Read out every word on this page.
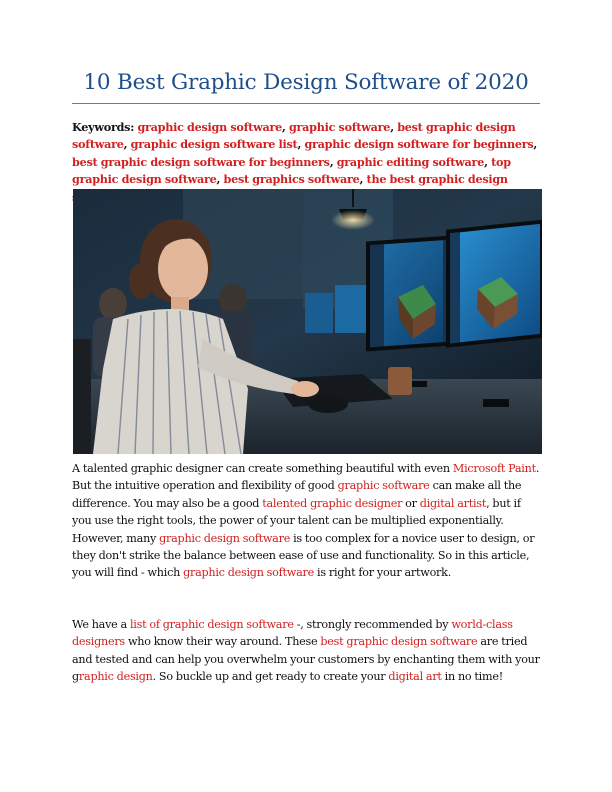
10 Best Graphic Design Software of 2020
Keywords: graphic design software, graphic software, best graphic design software, graphic design software list, graphic design software for beginners, best graphic design software for beginners, graphic editing software, top graphic design software, best graphics software, the best graphic design

A talented graphic designer can create something beautiful with even Microsoft Paint. But the intuitive operation and flexibility of good graphic software can make all the difference. You may also be a good talented graphic designer or digital artist, but if you use the right tools, the power of your talent can be multiplied exponentially. However, many graphic design software is too complex for a novice user to design, or they don't strike the balance between ease of use and functionality. So in this article, you will find - which graphic design software is right for your artwork.

We have a list of graphic design software -, strongly recommended by world-class designers who know their way around. These best graphic design software are tried and tested and can help you overwhelm your customers by enchanting them with your graphic design. So buckle up and get ready to create your digital art in no time!
